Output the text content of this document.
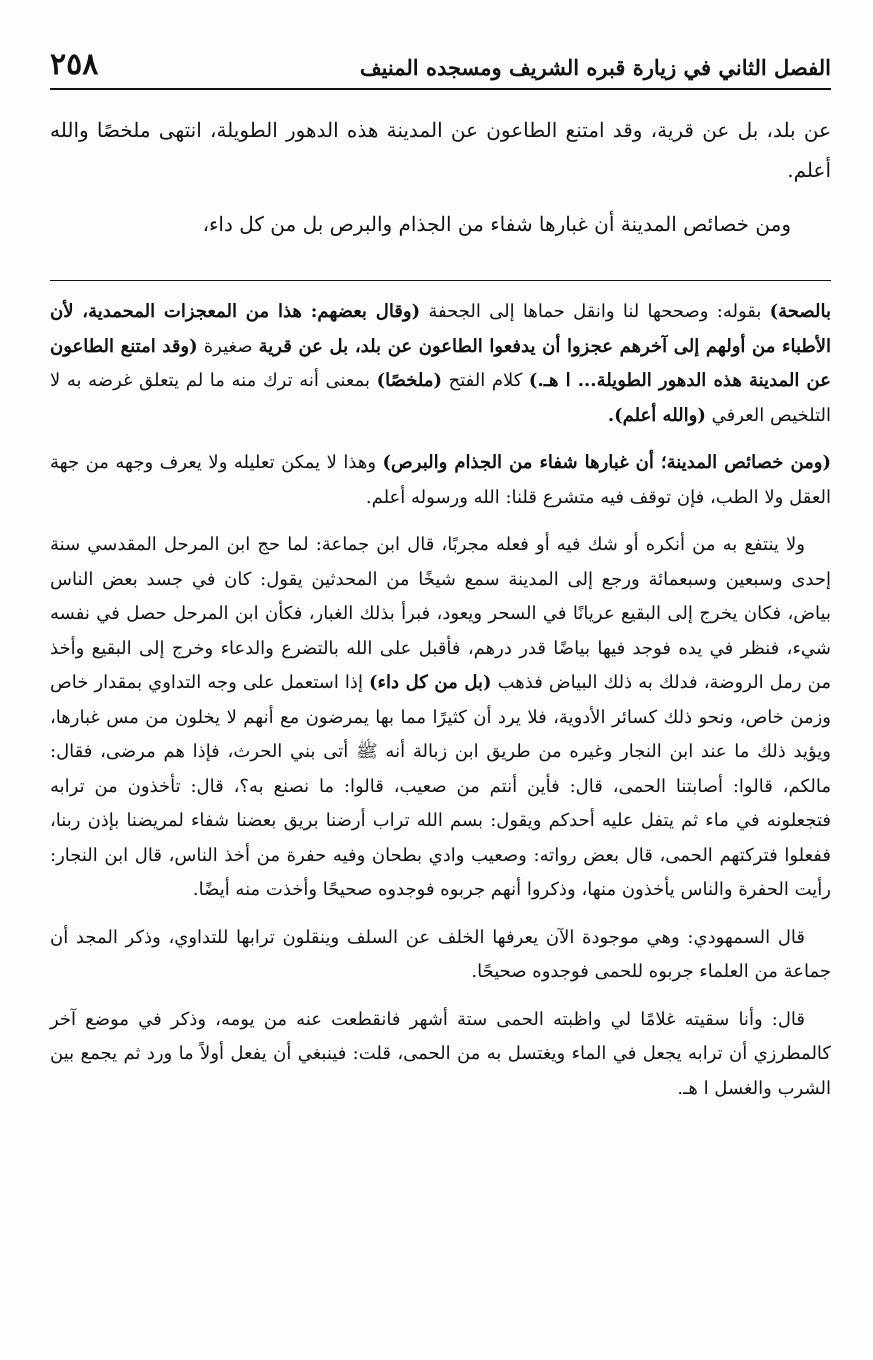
الفصل الثاني في زيارة قبره الشريف ومسجده المنيف
٢٥٨

عن بلد، بل عن قرية، وقد امتنع الطاعون عن المدينة هذه الدهور الطويلة، انتهى ملخصًا والله أعلم.

ومن خصائص المدينة أن غبارها شفاء من الجذام والبرص بل من كل داء،

بالصحة) بقوله: وصححها لنا وانقل حماها إلى الجحفة (وقال بعضهم: هذا من المعجزات المحمدية، لأن الأطباء من أولهم إلى آخرهم عجزوا أن يدفعوا الطاعون عن بلد، بل عن قرية صغيرة (وقد امتنع الطاعون عن المدينة هذه الدهور الطويلة... ا هـ.) كلام الفتح (ملخصًا) بمعنى أنه ترك منه ما لم يتعلق غرضه به لا التلخيص العرفي (والله أعلم).

(ومن خصائص المدينة؛ أن غبارها شفاء من الجذام والبرص) وهذا لا يمكن تعليله ولا يعرف وجهه من جهة العقل ولا الطب، فإن توقف فيه متشرع قلنا: الله ورسوله أعلم.

ولا ينتفع به من أنكره أو شك فيه أو فعله مجربًا، قال ابن جماعة: لما حج ابن المرحل المقدسي سنة إحدى وسبعين وسبعمائة ورجع إلى المدينة سمع شيخًا من المحدثين يقول: كان في جسد بعض الناس بياض، فكان يخرج إلى البقيع عريانًا في السحر ويعود، فبرأ بذلك الغبار، فكأن ابن المرحل حصل في نفسه شيء، فنظر في يده فوجد فيها بياضًا قدر درهم، فأقبل على الله بالتضرع والدعاء وخرج إلى البقيع وأخذ من رمل الروضة، فدلك به ذلك البياض فذهب (بل من كل داء) إذا استعمل على وجه التداوي بمقدار خاص وزمن خاص، ونحو ذلك كسائر الأدوية، فلا يرد أن كثيرًا مما بها يمرضون مع أنهم لا يخلون من مس غبارها، ويؤيد ذلك ما عند ابن النجار وغيره من طريق ابن زبالة أنه ﷺ أتى بني الحرث، فإذا هم مرضى، فقال: مالكم، قالوا: أصابتنا الحمى، قال: فأين أنتم من صعيب، قالوا: ما نصنع به؟، قال: تأخذون من ترابه فتجعلونه في ماء ثم يتفل عليه أحدكم ويقول: بسم الله تراب أرضنا بريق بعضنا شفاء لمريضنا بإذن ربنا، ففعلوا فتركتهم الحمى، قال بعض رواته: وصعيب وادي بطحان وفيه حفرة من أخذ الناس، قال ابن النجار: رأيت الحفرة والناس يأخذون منها، وذكروا أنهم جربوه فوجدوه صحيحًا وأخذت منه أيضًا.

قال السمهودي: وهي موجودة الآن يعرفها الخلف عن السلف وينقلون ترابها للتداوي، وذكر المجد أن جماعة من العلماء جربوه للحمى فوجدوه صحيحًا.

قال: وأنا سقيته غلامًا لي واظبته الحمى ستة أشهر فانقطعت عنه من يومه، وذكر في موضع آخر كالمطرزي أن ترابه يجعل في الماء ويغتسل به من الحمى، قلت: فينبغي أن يفعل أولاً ما ورد ثم يجمع بين الشرب والغسل ا هـ.
